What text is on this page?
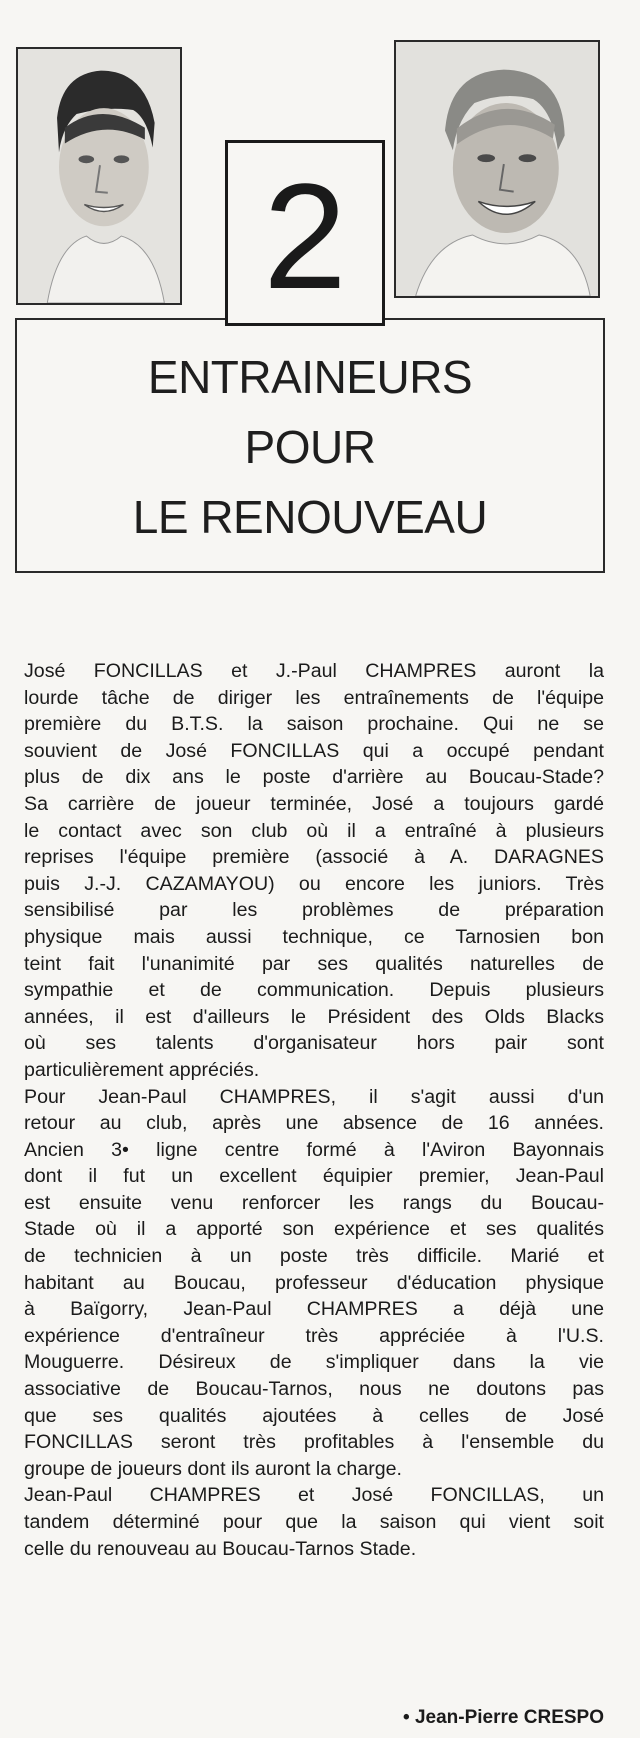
2
ENTRAINEURS
POUR
LE RENOUVEAU
José FONCILLAS et J.-Paul CHAMPRES auront la
lourde tâche de diriger les entraînements de l'équipe
première du B.T.S. la saison prochaine. Qui ne se
souvient de José FONCILLAS qui a occupé pendant
plus de dix ans le poste d'arrière au Boucau-Stade?
Sa carrière de joueur terminée, José a toujours gardé
le contact avec son club où il a entraîné à plusieurs
reprises l'équipe première (associé à A. DARAGNES
puis J.-J. CAZAMAYOU) ou encore les juniors. Très
sensibilisé par les problèmes de préparation
physique mais aussi technique, ce Tarnosien bon
teint fait l'unanimité par ses qualités naturelles de
sympathie et de communication. Depuis plusieurs
années, il est d'ailleurs le Président des Olds Blacks
où ses talents d'organisateur hors pair sont
particulièrement appréciés.
Pour Jean-Paul CHAMPRES, il s'agit aussi d'un
retour au club, après une absence de 16 années.
Ancien 3• ligne centre formé à l'Aviron Bayonnais
dont il fut un excellent équipier premier, Jean-Paul
est ensuite venu renforcer les rangs du Boucau-
Stade où il a apporté son expérience et ses qualités
de technicien à un poste très difficile. Marié et
habitant au Boucau, professeur d'éducation physique
à Baïgorry, Jean-Paul CHAMPRES a déjà une
expérience d'entraîneur très appréciée à l'U.S.
Mouguerre. Désireux de s'impliquer dans la vie
associative de Boucau-Tarnos, nous ne doutons pas
que ses qualités ajoutées à celles de José
FONCILLAS seront très profitables à l'ensemble du
groupe de joueurs dont ils auront la charge.
Jean-Paul CHAMPRES et José FONCILLAS, un
tandem déterminé pour que la saison qui vient soit
celle du renouveau au Boucau-Tarnos Stade.
• Jean-Pierre CRESPO
